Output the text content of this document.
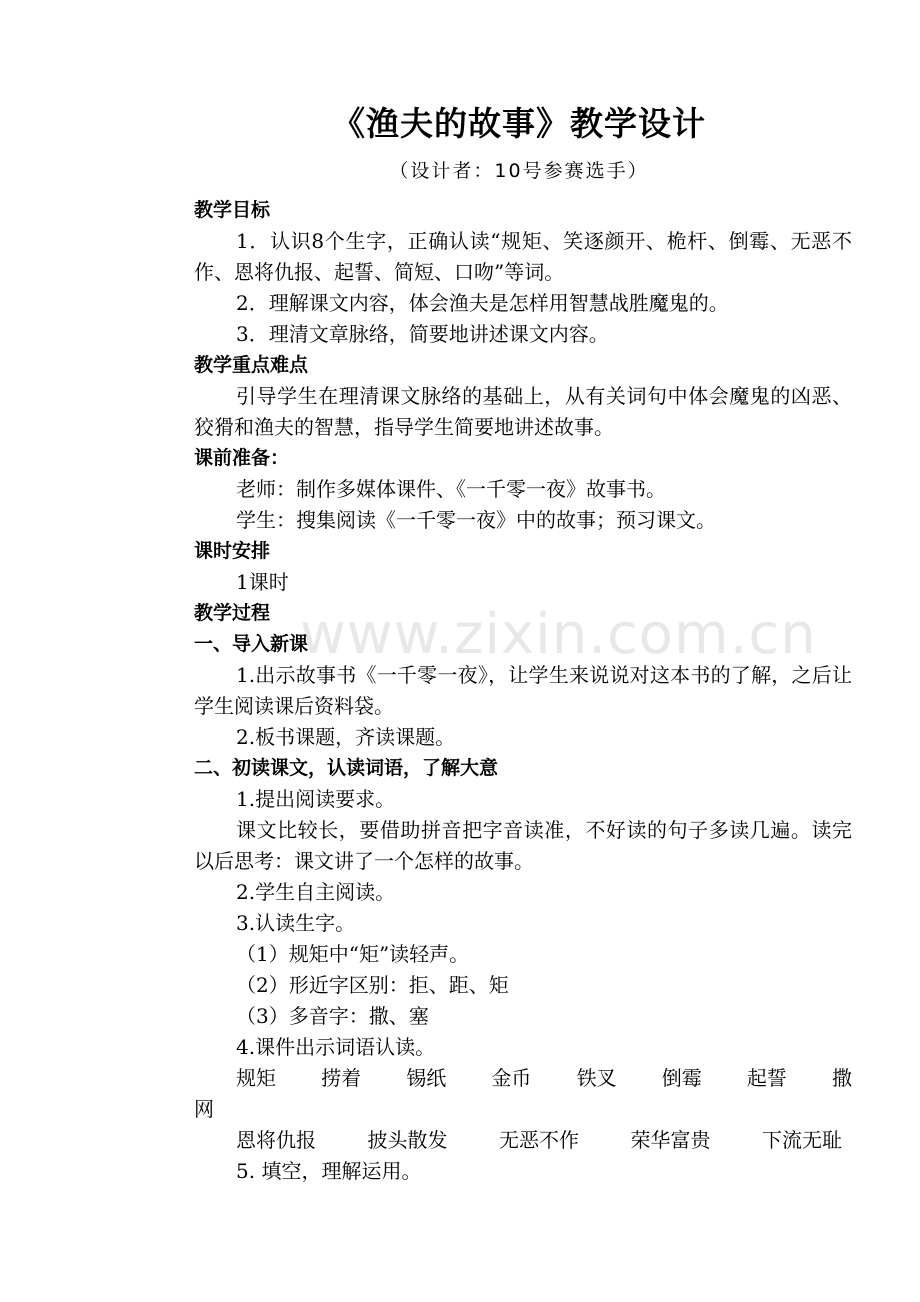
《渔夫的故事》教学设计
（设计者：10号参赛选手）
www.zixin.com.cn
教学目标
1．认识8个生字，正确认读“规矩、笑逐颜开、桅杆、倒霉、无恶不作、恩将仇报、起誓、简短、口吻”等词。
2．理解课文内容，体会渔夫是怎样用智慧战胜魔鬼的。
3．理清文章脉络，简要地讲述课文内容。
教学重点难点
引导学生在理清课文脉络的基础上，从有关词句中体会魔鬼的凶恶、狡猾和渔夫的智慧，指导学生简要地讲述故事。
课前准备：
老师：制作多媒体课件、《一千零一夜》故事书。
学生：搜集阅读《一千零一夜》中的故事；预习课文。
课时安排
1课时
教学过程
一、导入新课
1.出示故事书《一千零一夜》，让学生来说说对这本书的了解，之后让学生阅读课后资料袋。
2.板书课题，齐读课题。
二、初读课文，认读词语，了解大意
1.提出阅读要求。
课文比较长，要借助拼音把字音读准，不好读的句子多读几遍。读完以后思考：课文讲了一个怎样的故事。
2.学生自主阅读。
3.认读生字。
（1）规矩中“矩”读轻声。
（2）形近字区别：拒、距、矩
（3）多音字：撒、塞
4.课件出示词语认读。
规矩 捞着 锡纸 金币 铁叉 倒霉 起誓 撒
网
恩将仇报	披头散发	无恶不作	荣华富贵	下流无耻
5. 填空，理解运用。
